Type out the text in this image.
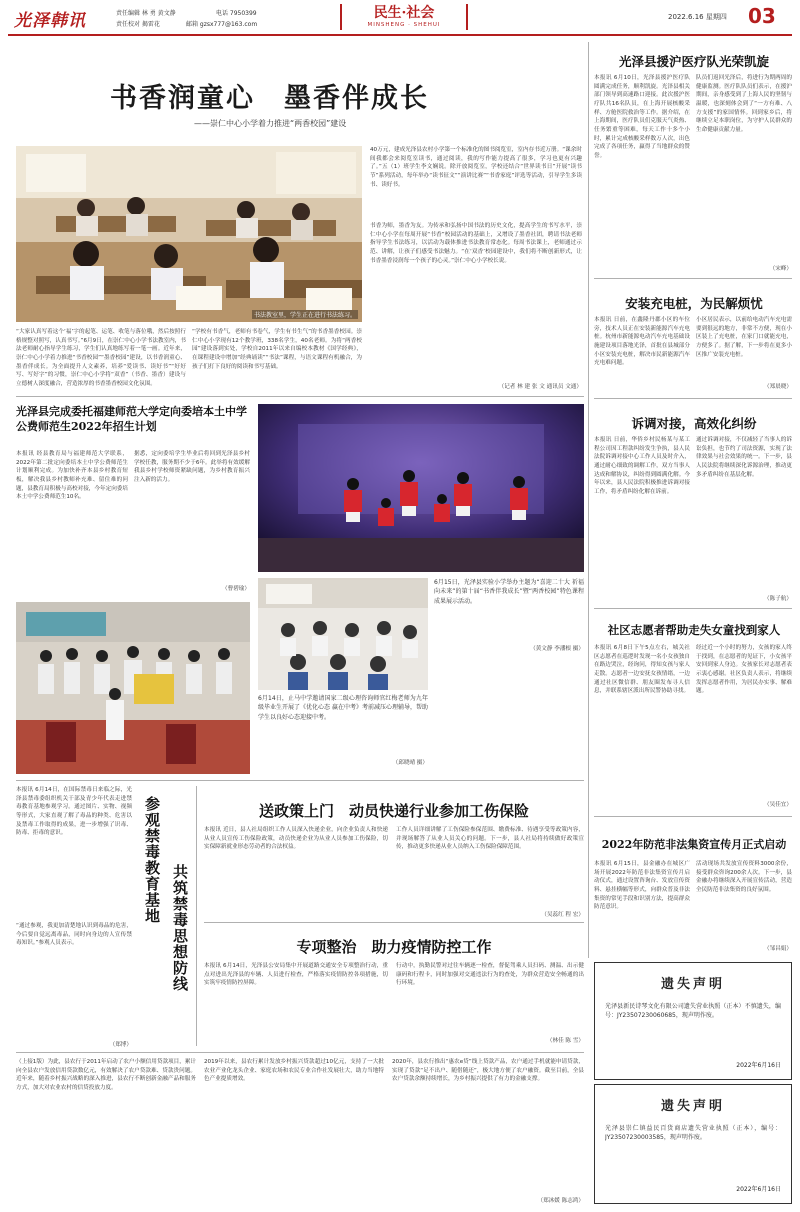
光泽韩讯	责任编辑 林 勇 黄文静	电话 7950399
责任校对 揭雷花	邮箱 gzsx777@163.com
民生·社会
MINSHENG · SHEHUI
2022.6.16 星期四 03
书香润童心　墨香伴成长
——崇仁中心小学着力推进“两香校园”建设
书法教室里，学生正在进行书法练习。
“大家认真写着这个‘福’字的起笔、运笔、收笔与落位哦，然后按照行格规整对照写，认真书写。”6月9日，在崇仁中心小学书法教室内，书法老师耐心指导学生练习，学生们认真地练写着一笔一画。近年来，崇仁中心小学着力推进“书香校园”“墨香校园”建设，以书香润童心、墨香伴成长。为全面提升人文素养，培养“爱读书、读好书”“好好写、写好字”的习惯，崇仁中心小学将“双香”（书香、墨香）建设与立德树人深度融合，营造浓厚的书香墨香校园文化氛围。
“学校有书香气，老师有书卷气，学生有书生气”的书香墨香校园。崇仁中心小学现有12个教学班，338名学生，40名老师。为将“两香校园”建设落到实处，学校自2011年以来自编校本教材《国学经典》，在课程建设中增加“经典诵读”“书法”课程，与语文课程有机融合，为孩子们打下良好的阅读和书写基础。
40万元，建成光泽县农村小学第一个标准化的图书阅览室，室内存书近万册。“课余时间我都会来阅览室读书，通过阅读，我的写作能力提高了很多，学习也更有兴趣了。”五（1）班学生李文娴说。除开放阅览室，学校还结合“世界读书日”开展“读书节”系列活动，每年举办“读书征文”“演讲比赛”“书香家庭”评选等活动，引导学生多读书、读好书。
书香为师，墨香为友。为传承和弘扬中国书法的历史文化，提高学生的书写水平，崇仁中心小学在每周开展“书香”校园活动的基础上，又增设了墨香社团，聘请书法老师指导学生书法练习，以活动为载体推进书法教育常态化。每周书法课上，老师通过示范、讲解，让孩子们感受书法魅力。“在‘双香’校园建设中，我们将不断创新形式，让书香墨香浸润每一个孩子的心灵。”崇仁中心小学校长说。
（记者 林 建 张 文 通讯员 文通）
光泽县援沪医疗队光荣凯旋
本报讯 6月10日，光泽县援沪医疗队圆满完成任务，顺利凯旋。光泽县相关部门领导到高速路口迎接。此次援沪医疗队共16名队员，在上海开展核酸采样、方舱医院救治等工作。据介绍，在上海期间，医疗队员们克服天气炎热、任务繁重等困难，每天工作十多个小时，累计完成核酸采样数万人次，出色完成了各项任务，赢得了当地群众的赞誉。
队员们返回光泽后，将进行为期两周的健康监测。医疗队队员们表示，在援沪期间，亲身感受到了上海人民的坚韧与温暖，也深刻体会到了“一方有难、八方支援”的家国情怀。回到家乡后，将继续立足本职岗位，为守护人民群众的生命健康贡献力量。
（宋峰）
安装充电桩，为民解烦忧
本报讯 日前，在鑫隆丹郡小区的车位旁，技术人员正在安装新能源汽车充电桩。杭州市新能源电动汽车充电基础设施建设项目落地光泽，首批在县城部分小区安装充电桩，解决市民新能源汽车充电难问题。
小区居民表示，以前给电动汽车充电需要到很远的地方，非常不方便，现在小区装上了充电桩，在家门口就能充电，方便多了。据了解，下一步将在更多小区推广安装充电桩。
（郑晨晓）
诉调对接，高效化纠纷
本报讯 日前，华侨乡村民杨某与某工程公司因工程款纠纷发生争执，县人民法院诉调对接中心工作人员及时介入，通过耐心细致的调解工作，双方当事人达成和解协议，纠纷得到圆满化解。今年以来，县人民法院积极推进诉调对接工作，将矛盾纠纷化解在诉前。
通过诉调对接，不仅减轻了当事人的诉讼负担，也节约了司法资源，实现了法律效果与社会效果的统一。下一步，县人民法院将继续深化诉源治理，推动更多矛盾纠纷在基层化解。
（陈子航）
社区志愿者帮助走失女童找到家人
本报讯 6月8日下午5点左右，城关社区志愿者在巡逻时发现一名小女孩独自在路边哭泣，经询问，得知女孩与家人走散。志愿者一边安抚女孩情绪，一边通过社区微信群、朋友圈发布寻人信息，并联系辖区派出所民警协助寻找。
经过近一个小时的努力，女孩的家人终于找到，在志愿者的见证下，小女孩平安回到家人身边。女孩家长对志愿者表示衷心感谢。社区负责人表示，将继续发挥志愿者作用，为居民办实事、解难题。
（吴佳宜）
2022年防范非法集资宣传月正式启动
本报讯 6月15日，县金融办在城区广场开展2022年防范非法集资宣传月启动仪式，通过设置咨询台、发放宣传资料、悬挂横幅等形式，向群众普及非法集资的常见手段和识别方法，提高群众防范意识。
活动现场共发放宣传资料3000余份，接受群众咨询200余人次。下一步，县金融办将继续深入开展宣传活动，营造全民防范非法集资的良好氛围。
（邹昌娟）
光泽县完成委托福建师范大学定向委培本土中学公费师范生2022年招生计划
本报讯 经县教育局与福建师范大学联系，2022年第二批定向委培本土中学公费师范生计划顺利完成。为加快补齐本县乡村教育短板，解决我县乡村教师补充难、留住难的问题，县教育局积极与高校对接，今年定向委培本土中学公费师范生10名。
据悉，定向委培学生毕业后将回到光泽县乡村学校任教，服务期不少于6年。此举将有效缓解我县乡村学校师资紧缺问题，为乡村教育振兴注入新的活力。
（曹碧瑜）
6月14日，止马中学邀请国家二级心理咨询师官红梅老师为九年级毕业生开展了《优化心态 赢在中考》考前减压心理辅导，帮助学生以良好心态迎接中考。
（邱晓晴 摄）
6月15日，光泽县实验小学举办主题为“喜迎二十大 祈福向未来”的第十届“书香伴我成长”暨“两香校园”特色课程成果展示活动。
（黄文静 李潘根 摄）
本报讯 6月14日，在国际禁毒日来临之际，光泽县禁毒委组织机关干部及青少年代表走进禁毒教育基地参观学习。通过图片、实物、视频等形式，大家直观了解了毒品的种类、危害以及禁毒工作取得的成果，进一步增强了识毒、防毒、拒毒的意识。	参观禁毒教育基地
共筑禁毒思想防线
“通过参观，我更加清楚地认识到毒品的危害，今后要自觉远离毒品，同时向身边的人宣传禁毒知识。”参观人员表示。
（郑博）
送政策上门　动员快递行业参加工伤保险
本报讯 近日，县人社局组织工作人员深入快递企业，向企业负责人和快递从业人员宣传工伤保险政策，动员快递企业为从业人员参加工伤保险，切实保障新就业形态劳动者的合法权益。
工作人员详细讲解了工伤保险参保范围、缴费标准、待遇享受等政策内容，并现场解答了从业人员关心的问题。下一步，县人社局将持续做好政策宣传，推动更多快递从业人员纳入工伤保险保障范围。
（吴蕊红 程 宏）
专项整治　助力疫情防控工作
本报讯 6月14日，光泽县公安局集中开展道路交通安全专项整治行动，重点对进出光泽县的车辆、人员进行检查，严格落实疫情防控各项措施，切实筑牢疫情防控屏障。
行动中，执勤民警对过往车辆逐一检查，督促驾乘人员扫码、测温、出示健康码和行程卡，同时加强对交通违法行为的查处，为群众营造安全畅通的出行环境。
（林佳 陈 雪）
（上接1版）为此，县农行于2011年启动了农户小额信用贷款项目，累计向全县农户发放信用贷款数亿元，有效解决了农户贷款难、贷款贵问题。近年来，随着乡村振兴战略的深入推进，县农行不断创新金融产品和服务方式，加大对农业农村的信贷投放力度。
2019年以来，县农行累计发放乡村振兴贷款超过10亿元，支持了一大批农业产业化龙头企业、家庭农场和农民专业合作社发展壮大，助力当地特色产业提质增效。
2020年，县农行推出“惠农e贷”线上贷款产品，农户通过手机就能申请贷款，实现了贷款“足不出户、随借随还”，极大地方便了农户融资。截至目前，全县农户贷款余额持续增长，为乡村振兴提供了有力的金融支撑。
（郑沐媛 陈志鸿）
遗失声明
光泽县新民诗琴文化有限公司遗失营业执照（正本）不慎遗失，编号：JY23507230060685，现声明作废。
2022年6月16日
遗失声明
光泽县崇仁镇益民百货商店遗失营业执照（正本），编号：JY23507230003585，现声明作废。
2022年6月16日
